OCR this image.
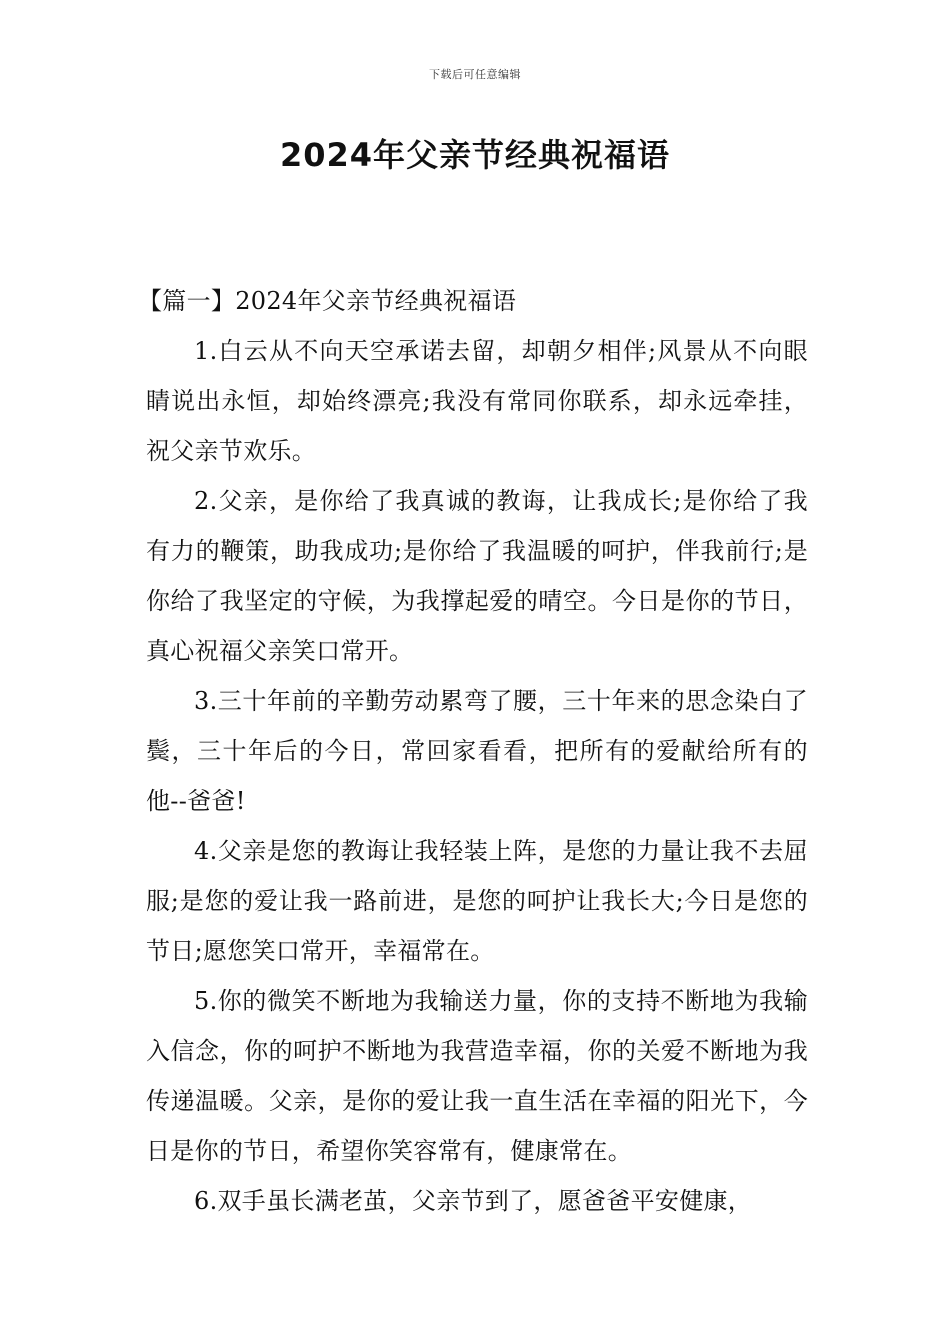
下载后可任意编辑
2024年父亲节经典祝福语

【篇一】2024年父亲节经典祝福语

1.白云从不向天空承诺去留，却朝夕相伴;风景从不向眼睛说出永恒，却始终漂亮;我没有常同你联系，却永远牵挂，祝父亲节欢乐。

2.父亲，是你给了我真诚的教诲，让我成长;是你给了我有力的鞭策，助我成功;是你给了我温暖的呵护，伴我前行;是你给了我坚定的守候，为我撑起爱的晴空。今日是你的节日，真心祝福父亲笑口常开。

3.三十年前的辛勤劳动累弯了腰，三十年来的思念染白了鬓，三十年后的今日，常回家看看，把所有的爱献给所有的他--爸爸!

4.父亲是您的教诲让我轻装上阵，是您的力量让我不去屈服;是您的爱让我一路前进，是您的呵护让我长大;今日是您的节日;愿您笑口常开，幸福常在。

5.你的微笑不断地为我输送力量，你的支持不断地为我输入信念，你的呵护不断地为我营造幸福，你的关爱不断地为我传递温暖。父亲，是你的爱让我一直生活在幸福的阳光下，今日是你的节日，希望你笑容常有，健康常在。

6.双手虽长满老茧，父亲节到了，愿爸爸平安健康，
